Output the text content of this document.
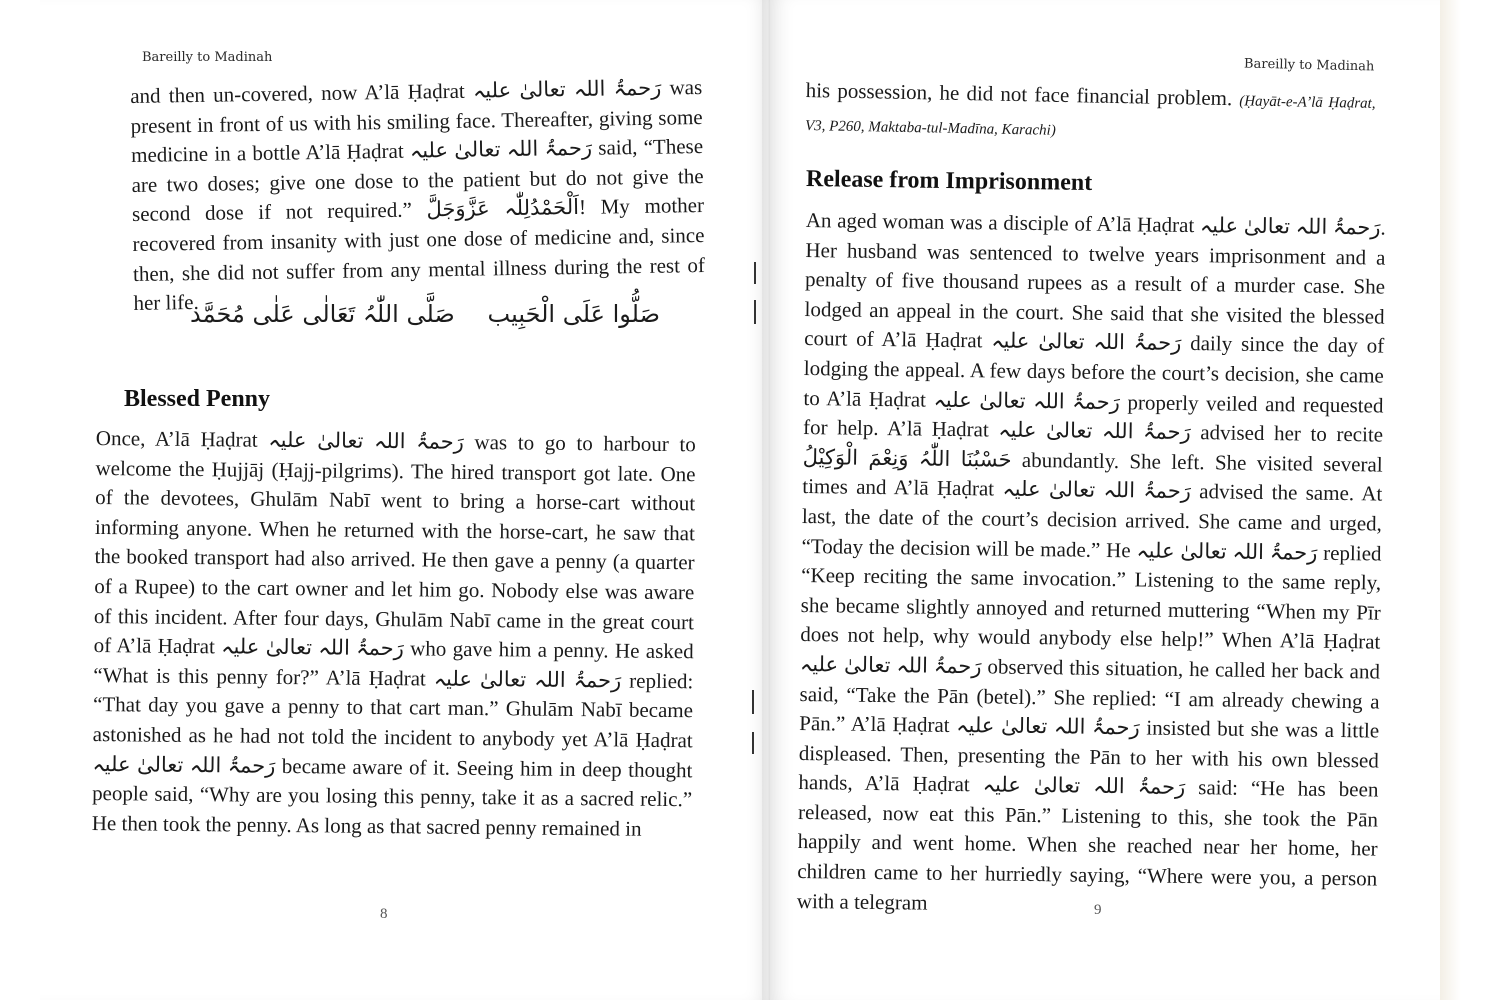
Bareilly to Madinah

and then un-covered, now A’lā Ḥaḍrat رَحمۃُ اللہ تعالیٰ علیہ was present in front of us with his smiling face. Thereafter, giving some medicine in a bottle A’lā Ḥaḍrat رَحمۃُ اللہ تعالیٰ علیہ said, “These are two doses; give one dose to the patient but do not give the second dose if not required.” اَلْحَمْدُلِلّٰہ عَزَّوَجَلَّ! My mother recovered from insanity with just one dose of medicine and, since then, she did not suffer from any mental illness during the rest of her life.	صَلُّوا عَلَی الْحَبِیب
صَلَّی اللّٰہُ تَعَالٰی عَلٰی مُحَمَّد
Blessed Penny

Once, A’lā Ḥaḍrat رَحمۃُ اللہ تعالیٰ علیہ was to go to harbour to welcome the Ḥujjāj (Ḥajj-pilgrims). The hired transport got late. One of the devotees, Ghulām Nabī went to bring a horse-cart without informing anyone. When he returned with the horse-cart, he saw that the booked transport had also arrived. He then gave a penny (a quarter of a Rupee) to the cart owner and let him go. Nobody else was aware of this incident. After four days, Ghulām Nabī came in the great court of A’lā Ḥaḍrat رَحمۃُ اللہ تعالیٰ علیہ who gave him a penny. He asked “What is this penny for?” A’lā Ḥaḍrat رَحمۃُ اللہ تعالیٰ علیہ replied: “That day you gave a penny to that cart man.” Ghulām Nabī became astonished as he had not told the incident to anybody yet A’lā Ḥaḍrat رَحمۃُ اللہ تعالیٰ علیہ became aware of it. Seeing him in deep thought people said, “Why are you losing this penny, take it as a sacred relic.” He then took the penny. As long as that sacred penny remained in

8
Bareilly to Madinah

his possession, he did not face financial problem. (Ḥayāt-e-A’lā Ḥaḍrat, V3, P260, Maktaba-tul-Madīna, Karachi)

Release from Imprisonment

An aged woman was a disciple of A’lā Ḥaḍrat رَحمۃُ اللہ تعالیٰ علیہ. Her husband was sentenced to twelve years imprisonment and a penalty of five thousand rupees as a result of a murder case. She lodged an appeal in the court. She said that she visited the blessed court of A’lā Ḥaḍrat رَحمۃُ اللہ تعالیٰ علیہ daily since the day of lodging the appeal. A few days before the court’s decision, she came to A’lā Ḥaḍrat رَحمۃُ اللہ تعالیٰ علیہ properly veiled and requested for help. A’lā Ḥaḍrat رَحمۃُ اللہ تعالیٰ علیہ advised her to recite حَسْبُنَا اللّٰہُ وَنِعْمَ الْوَکِیْلُ abundantly. She left. She visited several times and A’lā Ḥaḍrat رَحمۃُ اللہ تعالیٰ علیہ advised the same. At last, the date of the court’s decision arrived. She came and urged, “Today the decision will be made.” He رَحمۃُ اللہ تعالیٰ علیہ replied “Keep reciting the same invocation.” Listening to the same reply, she became slightly annoyed and returned muttering “When my Pīr does not help, why would anybody else help!” When A’lā Ḥaḍrat رَحمۃُ اللہ تعالیٰ علیہ observed this situation, he called her back and said, “Take the Pān (betel).” She replied: “I am already chewing a Pān.” A’lā Ḥaḍrat رَحمۃُ اللہ تعالیٰ علیہ insisted but she was a little displeased. Then, presenting the Pān to her with his own blessed hands, A’lā Ḥaḍrat رَحمۃُ اللہ تعالیٰ علیہ said: “He has been released, now eat this Pān.” Listening to this, she took the Pān happily and went home. When she reached near her home, her children came to her hurriedly saying, “Where were you, a person with a telegram	9
